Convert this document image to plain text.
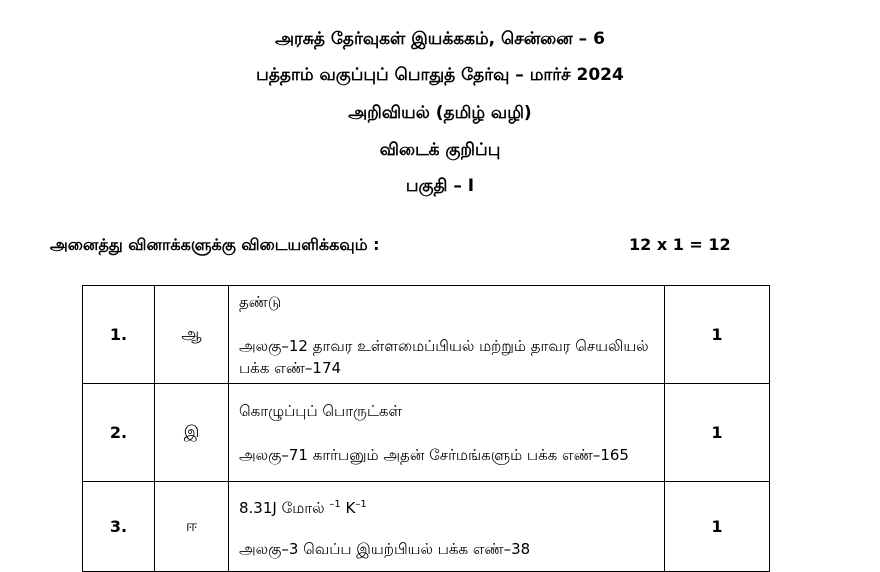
அரசுத் தேர்வுகள் இயக்ககம், சென்னை – 6
பத்தாம் வகுப்புப் பொதுத் தேர்வு – மார்ச் 2024
அறிவியல் (தமிழ் வழி)
விடைக் குறிப்பு
பகுதி – I
அனைத்து வினாக்களுக்கு விடையளிக்கவும் :	12 x 1 = 12
1.	ஆ	தண்டு
அலகு–12 தாவர உள்ளமைப்பியல் மற்றும் தாவர செயலியல் பக்க எண்–174	1
2.	இ	கொழுப்புப் பொருட்கள்
அலகு–71 கார்பனும் அதன் சேர்மங்களும் பக்க எண்–165	1
3.	ஈ	8.31J மோல் $^{-1}$ $K^{-1}$
அலகு–3 வெப்ப இயற்பியல் பக்க எண்–38	1
